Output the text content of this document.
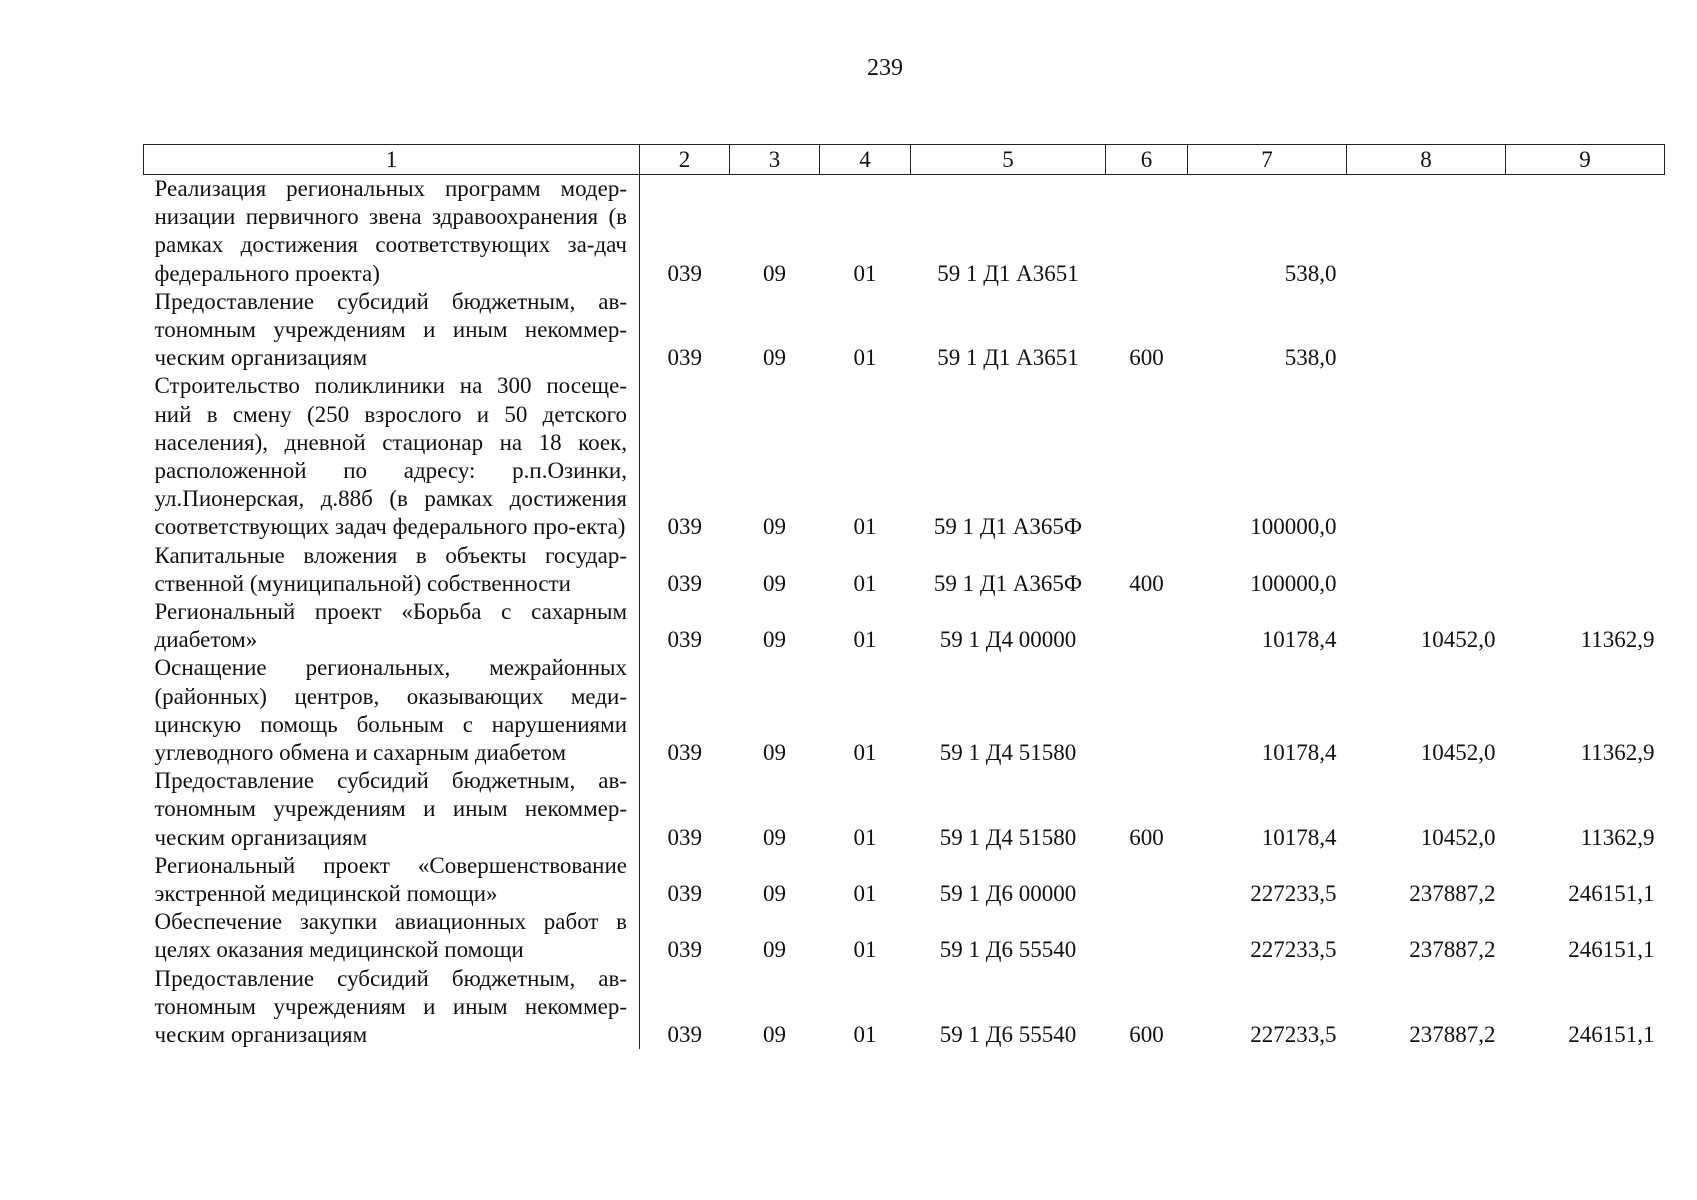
239
1	2	3	4	5	6	7	8	9
Реализация региональных программ модер-низации первичного звена здравоохранения (в рамках достижения соответствующих за-дач федерального проекта)	039	09	01	59 1 Д1 А3651		538,0		
Предоставление субсидий бюджетным, ав-тономным учреждениям и иным некоммер-ческим организациям	039	09	01	59 1 Д1 А3651	600	538,0		
Строительство поликлиники на 300 посеще-ний в смену (250 взрослого и 50 детского населения), дневной стационар на 18 коек, расположенной по адресу: р.п.Озинки, ул.Пионерская, д.88б (в рамках достижения соответствующих задач федерального про-екта)	039	09	01	59 1 Д1 А365Ф		100000,0		
Капитальные вложения в объекты государ-ственной (муниципальной) собственности	039	09	01	59 1 Д1 А365Ф	400	100000,0		
Региональный проект «Борьба с сахарным диабетом»	039	09	01	59 1 Д4 00000		10178,4	10452,0	11362,9
Оснащение региональных, межрайонных (районных) центров, оказывающих меди-цинскую помощь больным с нарушениями углеводного обмена и сахарным диабетом	039	09	01	59 1 Д4 51580		10178,4	10452,0	11362,9
Предоставление субсидий бюджетным, ав-тономным учреждениям и иным некоммер-ческим организациям	039	09	01	59 1 Д4 51580	600	10178,4	10452,0	11362,9
Региональный проект «Совершенствование экстренной медицинской помощи»	039	09	01	59 1 Д6 00000		227233,5	237887,2	246151,1
Обеспечение закупки авиационных работ в целях оказания медицинской помощи	039	09	01	59 1 Д6 55540		227233,5	237887,2	246151,1
Предоставление субсидий бюджетным, ав-тономным учреждениям и иным некоммер-ческим организациям	039	09	01	59 1 Д6 55540	600	227233,5	237887,2	246151,1
